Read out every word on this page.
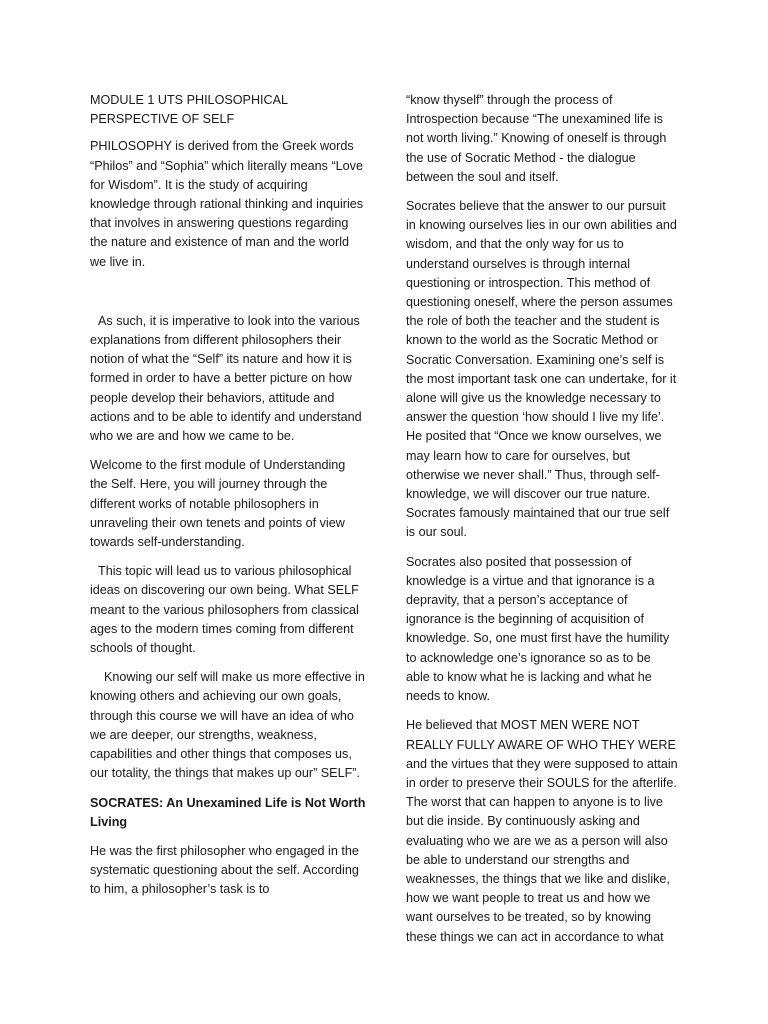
MODULE 1 UTS PHILOSOPHICAL PERSPECTIVE OF SELF

PHILOSOPHY is derived from the Greek words “Philos” and “Sophia” which literally means “Love for Wisdom”. It is the study of acquiring knowledge through rational thinking and inquiries that involves in answering questions regarding the nature and existence of man and the world we live in.

As such, it is imperative to look into the various explanations from different philosophers their notion of what the “Self” its nature and how it is formed in order to have a better picture on how people develop their behaviors, attitude and actions and to be able to identify and understand who we are and how we came to be.

Welcome to the first module of Understanding the Self. Here, you will journey through the different works of notable philosophers in unraveling their own tenets and points of view towards self-understanding.

This topic will lead us to various philosophical ideas on discovering our own being. What SELF meant to the various philosophers from classical ages to the modern times coming from different schools of thought.

Knowing our self will make us more effective in knowing others and achieving our own goals, through this course we will have an idea of who we are deeper, our strengths, weakness, capabilities and other things that composes us, our totality, the things that makes up our” SELF”.

SOCRATES: An Unexamined Life is Not Worth Living

He was the first philosopher who engaged in the systematic questioning about the self. According to him, a philosopher’s task is to

“know thyself” through the process of Introspection because “The unexamined life is not worth living.” Knowing of oneself is through the use of Socratic Method - the dialogue between the soul and itself.

Socrates believe that the answer to our pursuit in knowing ourselves lies in our own abilities and wisdom, and that the only way for us to understand ourselves is through internal questioning or introspection. This method of questioning oneself, where the person assumes the role of both the teacher and the student is known to the world as the Socratic Method or Socratic Conversation. Examining one’s self is the most important task one can undertake, for it alone will give us the knowledge necessary to answer the question ‘how should I live my life’. He posited that “Once we know ourselves, we may learn how to care for ourselves, but otherwise we never shall.” Thus, through self-knowledge, we will discover our true nature. Socrates famously maintained that our true self is our soul.

Socrates also posited that possession of knowledge is a virtue and that ignorance is a depravity, that a person’s acceptance of ignorance is the beginning of acquisition of knowledge. So, one must first have the humility to acknowledge one’s ignorance so as to be able to know what he is lacking and what he needs to know.

He believed that MOST MEN WERE NOT REALLY FULLY AWARE OF WHO THEY WERE and the virtues that they were supposed to attain in order to preserve their SOULS for the afterlife. The worst that can happen to anyone is to live but die inside. By continuously asking and evaluating who we are we as a person will also be able to understand our strengths and weaknesses, the things that we like and dislike, how we want people to treat us and how we want ourselves to be treated, so by knowing these things we can act in accordance to what
